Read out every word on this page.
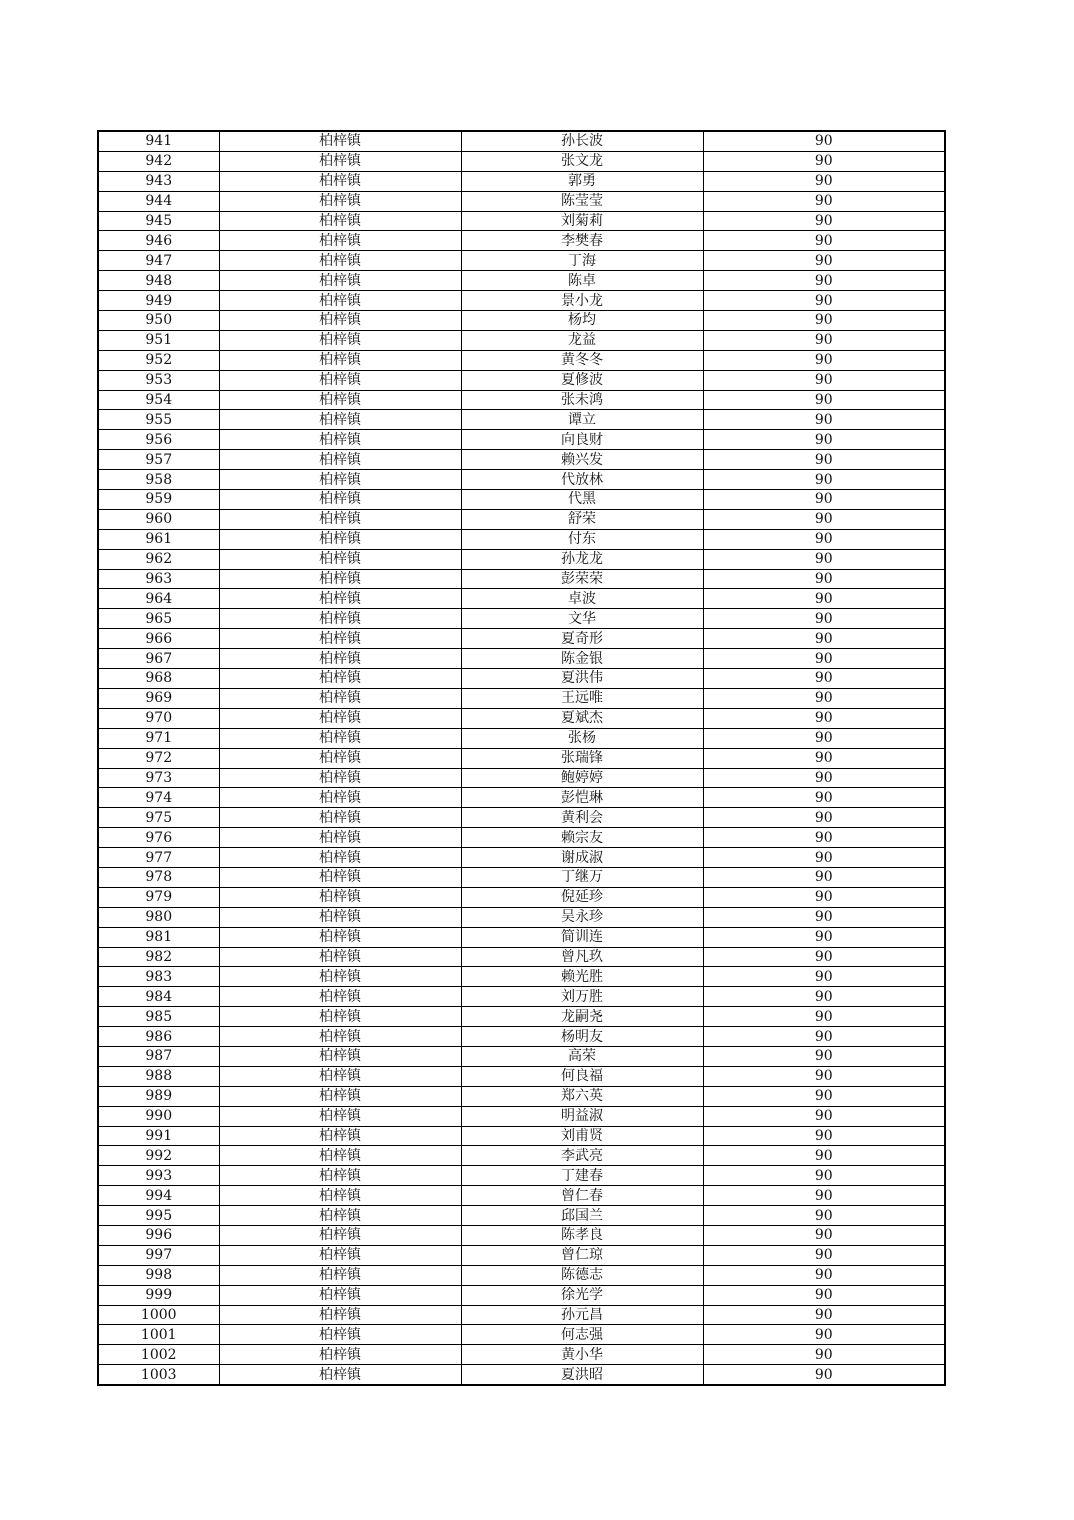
941	柏梓镇	孙长波	90
942	柏梓镇	张文龙	90
943	柏梓镇	郭勇	90
944	柏梓镇	陈莹莹	90
945	柏梓镇	刘菊莉	90
946	柏梓镇	李樊春	90
947	柏梓镇	丁海	90
948	柏梓镇	陈卓	90
949	柏梓镇	景小龙	90
950	柏梓镇	杨均	90
951	柏梓镇	龙益	90
952	柏梓镇	黄冬冬	90
953	柏梓镇	夏修波	90
954	柏梓镇	张未鸿	90
955	柏梓镇	谭立	90
956	柏梓镇	向良财	90
957	柏梓镇	赖兴发	90
958	柏梓镇	代放林	90
959	柏梓镇	代黑	90
960	柏梓镇	舒荣	90
961	柏梓镇	付东	90
962	柏梓镇	孙龙龙	90
963	柏梓镇	彭荣荣	90
964	柏梓镇	卓波	90
965	柏梓镇	文华	90
966	柏梓镇	夏奇形	90
967	柏梓镇	陈金银	90
968	柏梓镇	夏洪伟	90
969	柏梓镇	王远唯	90
970	柏梓镇	夏斌杰	90
971	柏梓镇	张杨	90
972	柏梓镇	张瑞锋	90
973	柏梓镇	鲍婷婷	90
974	柏梓镇	彭恺琳	90
975	柏梓镇	黄利会	90
976	柏梓镇	赖宗友	90
977	柏梓镇	谢成淑	90
978	柏梓镇	丁继万	90
979	柏梓镇	倪延珍	90
980	柏梓镇	吴永珍	90
981	柏梓镇	简训连	90
982	柏梓镇	曾凡玖	90
983	柏梓镇	赖光胜	90
984	柏梓镇	刘万胜	90
985	柏梓镇	龙嗣尧	90
986	柏梓镇	杨明友	90
987	柏梓镇	高荣	90
988	柏梓镇	何良福	90
989	柏梓镇	郑六英	90
990	柏梓镇	明益淑	90
991	柏梓镇	刘甫贤	90
992	柏梓镇	李武亮	90
993	柏梓镇	丁建春	90
994	柏梓镇	曾仁春	90
995	柏梓镇	邱国兰	90
996	柏梓镇	陈孝良	90
997	柏梓镇	曾仁琼	90
998	柏梓镇	陈德志	90
999	柏梓镇	徐光学	90
1000	柏梓镇	孙元昌	90
1001	柏梓镇	何志强	90
1002	柏梓镇	黄小华	90
1003	柏梓镇	夏洪昭	90
